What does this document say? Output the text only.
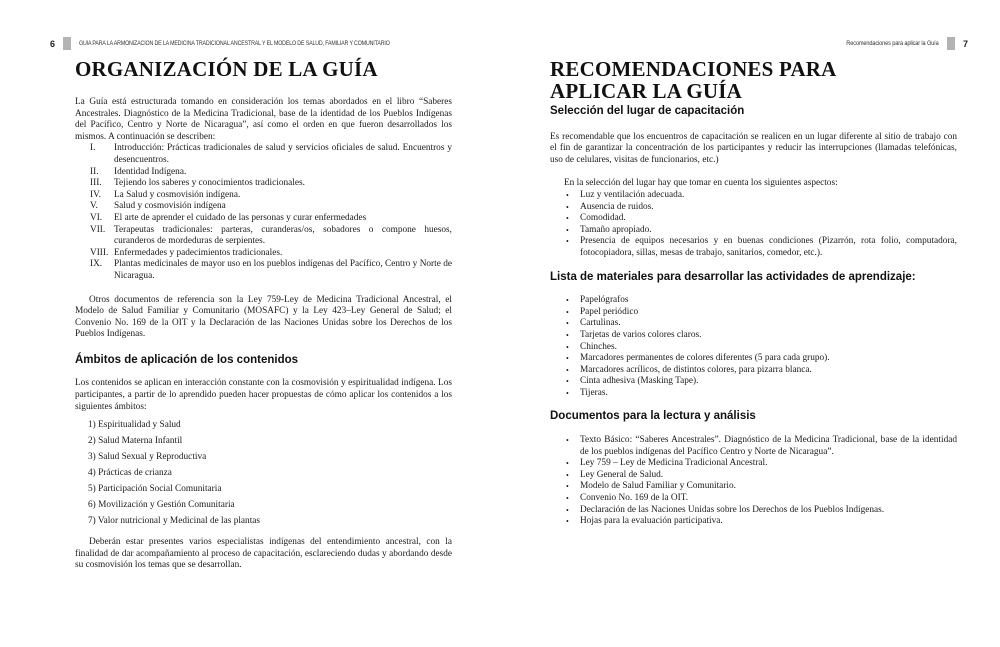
6	GUIA PARA LA ARMONIZACIÓN DE LA MEDICINA TRADICIONAL ANCESTRAL Y EL MODELO DE SALUD, FAMILIAR Y COMUNITARIO
ORGANIZACIÓN DE LA GUÍA

La Guía está estructurada tomando en consideración los temas abordados en el libro “Saberes Ancestrales. Diagnóstico de la Medicina Tradicional, base de la identidad de los Pueblos Indígenas del Pacífico, Centro y Norte de Nicaragua”, así como el orden en que fueron desarrollados los mismos. A continuación se describen:

I.	Introducción: Prácticas tradicionales de salud y servicios oficiales de salud. Encuentros y desencuentros.
II.	Identidad Indígena.
III.	Tejiendo los saberes y conocimientos tradicionales.
IV.	La Salud y cosmovisión indígena.
V.	Salud y cosmovisión indígena
VI.	El arte de aprender el cuidado de las personas y curar enfermedades
VII. Terapeutas tradicionales: parteras, curanderas/os, sobadores o compone huesos, curanderos de mordeduras de serpientes.
VIII. Enfermedades y padecimientos tradicionales.
IX.	Plantas medicinales de mayor uso en los pueblos indígenas del Pacífico, Centro y Norte de Nicaragua.

Otros documentos de referencia son la Ley 759-Ley de Medicina Tradicional Ancestral, el Modelo de Salud Familiar y Comunitario (MOSAFC) y la Ley 423–Ley General de Salud; el Convenio No. 169 de la OIT y la Declaración de las Naciones Unidas sobre los Derechos de los Pueblos Indígenas.

Ámbitos de aplicación de los contenidos

Los contenidos se aplican en interacción constante con la cosmovisión y espiritualidad indígena. Los participantes, a partir de lo aprendido pueden hacer propuestas de cómo aplicar los contenidos a los siguientes ámbitos:

1) Espiritualidad y Salud
2) Salud Materna Infantil
3) Salud Sexual y Reproductiva
4) Prácticas de crianza
5) Participación Social Comunitaria
6) Movilización y Gestión Comunitaria
7) Valor nutricional y Medicinal de las plantas

Deberán estar presentes varios especialistas indígenas del entendimiento ancestral, con la finalidad de dar acompañamiento al proceso de capacitación, esclareciendo dudas y abordando desde su cosmovisión los temas que se desarrollan.

Recomendaciones para aplicar la Guía	7
RECOMENDACIONES PARA
APLICAR LA GUÍA
Selección del lugar de capacitación

Es recomendable que los encuentros de capacitación se realicen en un lugar diferente al sitio de trabajo con el fin de garantizar la concentración de los participantes y reducir las interrupciones (llamadas telefónicas, uso de celulares, visitas de funcionarios, etc.)

En la selección del lugar hay que tomar en cuenta los siguientes aspectos:

•	Luz y ventilación adecuada.
•	Ausencia de ruidos.
•	Comodidad.
•	Tamaño apropiado.
•	Presencia de equipos necesarios y en buenas condiciones (Pizarrón, rota folio, computadora, fotocopiadora, sillas, mesas de trabajo, sanitarios, comedor, etc.).
Lista de materiales para desarrollar las actividades de aprendizaje:
•	Papelógrafos
•	Papel periódico
•	Cartulinas.
•	Tarjetas de varios colores claros.
•	Chinches.
•	Marcadores permanentes de colores diferentes (5 para cada grupo).
•	Marcadores acrílicos, de distintos colores, para pizarra blanca.
•	Cinta adhesiva (Masking Tape).
•	Tijeras.
Documentos para la lectura y análisis
•	Texto Básico: “Saberes Ancestrales”. Diagnóstico de la Medicina Tradicional, base de la identidad de los pueblos indígenas del Pacífico Centro y Norte de Nicaragua”.
•	Ley 759 – Ley de Medicina Tradicional Ancestral.
•	Ley General de Salud.
•	Modelo de Salud Familiar y Comunitario.
•	Convenio No. 169 de la OIT.
•	Declaración de las Naciones Unidas sobre los Derechos de los Pueblos Indígenas.
•	Hojas para la evaluación participativa.
